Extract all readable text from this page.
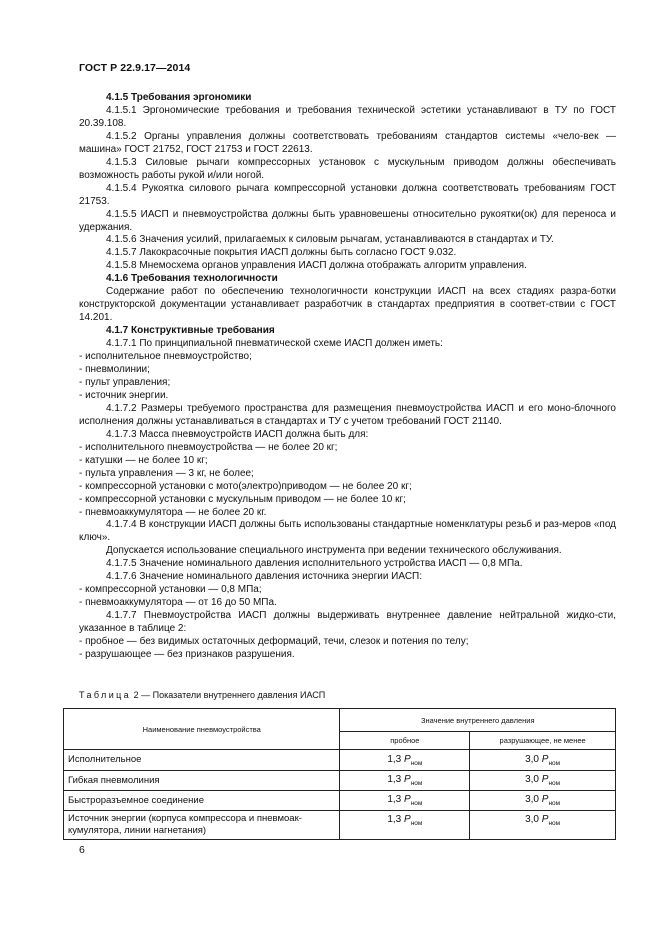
ГОСТ Р 22.9.17—2014

4.1.5 Требования эргономики

4.1.5.1 Эргономические требования и требования технической эстетики устанавливают в ТУ по ГОСТ 20.39.108.

4.1.5.2 Органы управления должны соответствовать требованиям стандартов системы «чело-век — машина» ГОСТ 21752, ГОСТ 21753 и ГОСТ 22613.

4.1.5.3 Силовые рычаги компрессорных установок с мускульным приводом должны обеспечивать возможность работы рукой и/или ногой.

4.1.5.4 Рукоятка силового рычага компрессорной установки должна соответствовать требованиям ГОСТ 21753.

4.1.5.5 ИАСП и пневмоустройства должны быть уравновешены относительно рукоятки(ок) для переноса и удержания.

4.1.5.6 Значения усилий, прилагаемых к силовым рычагам, устанавливаются в стандартах и ТУ.

4.1.5.7 Лакокрасочные покрытия ИАСП должны быть согласно ГОСТ 9.032.

4.1.5.8 Мнемосхема органов управления ИАСП должна отображать алгоритм управления.

4.1.6 Требования технологичности

Содержание работ по обеспечению технологичности конструкции ИАСП на всех стадиях разра-ботки конструкторской документации устанавливает разработчик в стандартах предприятия в соответ-ствии с ГОСТ 14.201.

4.1.7 Конструктивные требования

4.1.7.1 По принципиальной пневматической схеме ИАСП должен иметь:

- исполнительное пневмоустройство;

- пневмолинии;

- пульт управления;

- источник энергии.

4.1.7.2 Размеры требуемого пространства для размещения пневмоустройства ИАСП и его моно-блочного исполнения должны устанавливаться в стандартах и ТУ с учетом требований ГОСТ 21140.

4.1.7.3 Масса пневмоустройств ИАСП должна быть для:

- исполнительного пневмоустройства — не более 20 кг;

- катушки — не более 10 кг;

- пульта управления — 3 кг, не более;

- компрессорной установки с мото(электро)приводом — не более 20 кг;

- компрессорной установки с мускульным приводом — не более 10 кг;

- пневмоаккумулятора — не более 20 кг.

4.1.7.4 В конструкции ИАСП должны быть использованы стандартные номенклатуры резьб и раз-меров «под ключ».

Допускается использование специального инструмента при ведении технического обслуживания.

4.1.7.5 Значение номинального давления исполнительного устройства ИАСП — 0,8 МПа.

4.1.7.6 Значение номинального давления источника энергии ИАСП:

- компрессорной установки — 0,8 МПа;

- пневмоаккумулятора — от 16 до 50 МПа.

4.1.7.7 Пневмоустройства ИАСП должны выдерживать внутреннее давление нейтральной жидко-сти, указанное в таблице 2:

- пробное — без видимых остаточных деформаций, течи, слезок и потения по телу;

- разрушающее — без признаков разрушения.

Таблица 2 — Показатели внутреннего давления ИАСП
Наименование пневмоустройства	Значение внутреннего давления	
	пробное	разрушающее, не менее
Исполнительное	1,3 $P_{ном}$	3,0 $P_{ном}$
Гибкая пневмолиния	1,3 $P_{ном}$	3,0 $P_{ном}$
Быстроразъемное соединение	1,3 $P_{ном}$	3,0 $P_{ном}$
Источник энергии (корпуса компрессора и пневмоак-кумулятора, линии нагнетания)	1,3 $P_{ном}$	3,0 $P_{ном}$
6
